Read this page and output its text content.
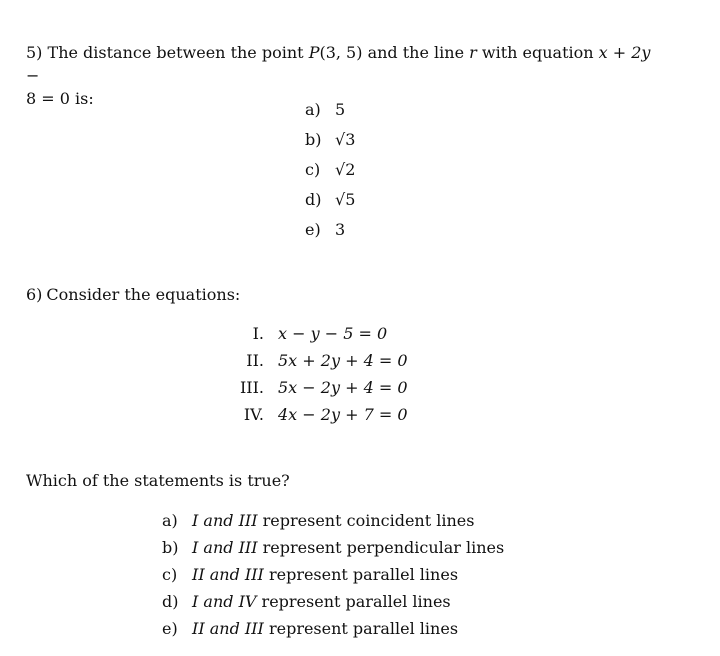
5) The distance between the point P(3, 5) and the line r with equation x + 2y −
8 = 0 is:
a) 5
b) √3
c) √2
d) √5
e) 3
6) Consider the equations:
I. x − y − 5 = 0
II. 5x + 2y + 4 = 0
III. 5x − 2y + 4 = 0
IV. 4x − 2y + 7 = 0
Which of the statements is true?
a) I and III represent coincident lines
b) I and III represent perpendicular lines
c) II and III represent parallel lines
d) I and IV represent parallel lines
e) II and III represent parallel lines
